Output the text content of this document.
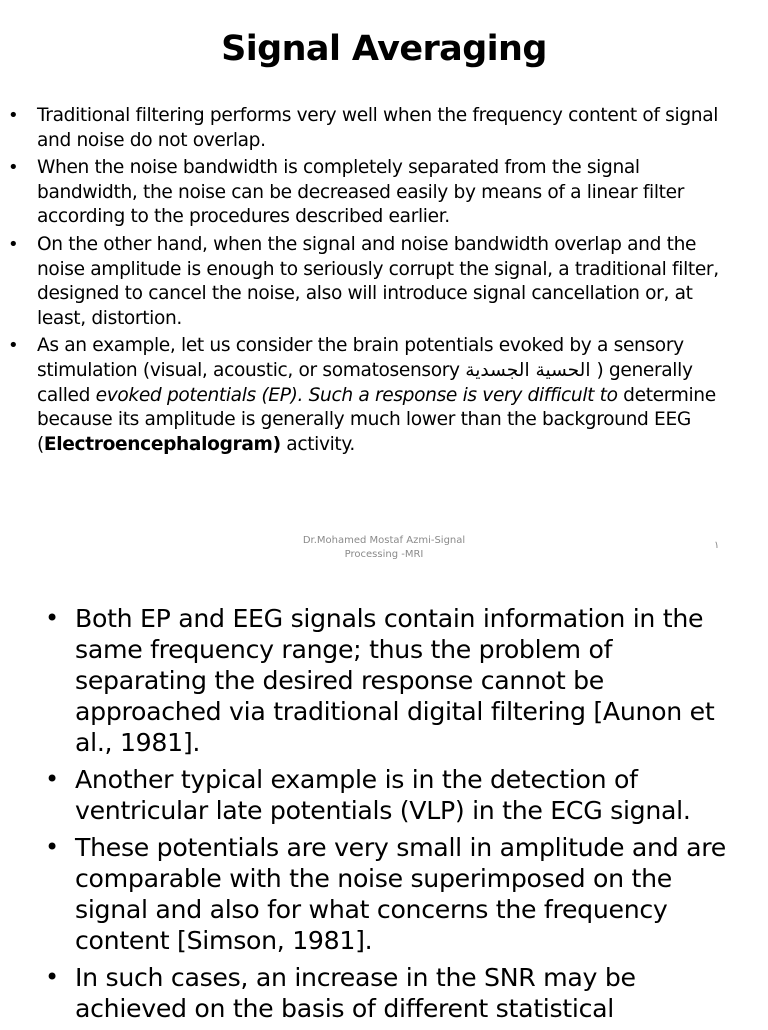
Signal Averaging
• Traditional filtering performs very well when the frequency content of signal and noise do not overlap.
• When the noise bandwidth is completely separated from the signal bandwidth, the noise can be decreased easily by means of a linear filter according to the procedures described earlier.
• On the other hand, when the signal and noise bandwidth overlap and the noise amplitude is enough to seriously corrupt the signal, a traditional filter, designed to cancel the noise, also will introduce signal cancellation or, at least, distortion.
• As an example, let us consider the brain potentials evoked by a sensory stimulation (visual, acoustic, or somatosensory الحسية الجسدية ) generally called evoked potentials (EP). Such a response is very difficult to determine because its amplitude is generally much lower than the background EEG (Electroencephalogram) activity.
Dr.Mohamed Mostaf Azmi-Signal
Processing -MRI
١
• Both EP and EEG signals contain information in the same frequency range; thus the problem of separating the desired response cannot be approached via traditional digital filtering [Aunon et al., 1981].
• Another typical example is in the detection of ventricular late potentials (VLP) in the ECG signal.
• These potentials are very small in amplitude and are comparable with the noise superimposed on the signal and also for what concerns the frequency content [Simson, 1981].
• In such cases, an increase in the SNR may be achieved on the basis of different statistical
